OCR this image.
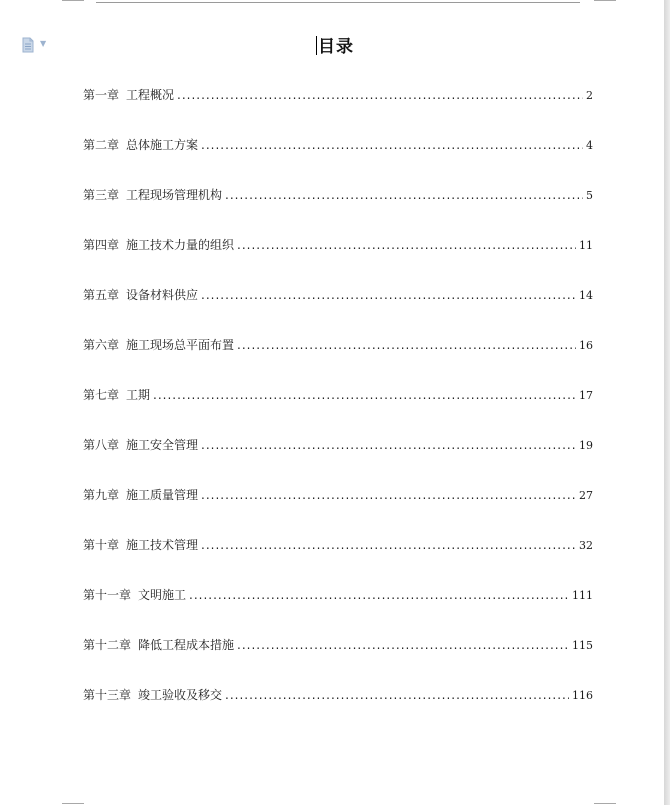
▼	目录
第一章 工程概况 .....	2
第二章 总体施工方案 .....	4
第三章 工程现场管理机构 .....	5
第四章 施工技术力量的组织 .....	11
第五章 设备材料供应 .....	14
第六章 施工现场总平面布置 .....	16
第七章 工期 .....	17
第八章 施工安全管理 .....	19
第九章 施工质量管理 .....	27
第十章 施工技术管理 .....	32
第十一章 文明施工 .....	111
第十二章 降低工程成本措施 .....	115
第十三章 竣工验收及移交 .....	116
